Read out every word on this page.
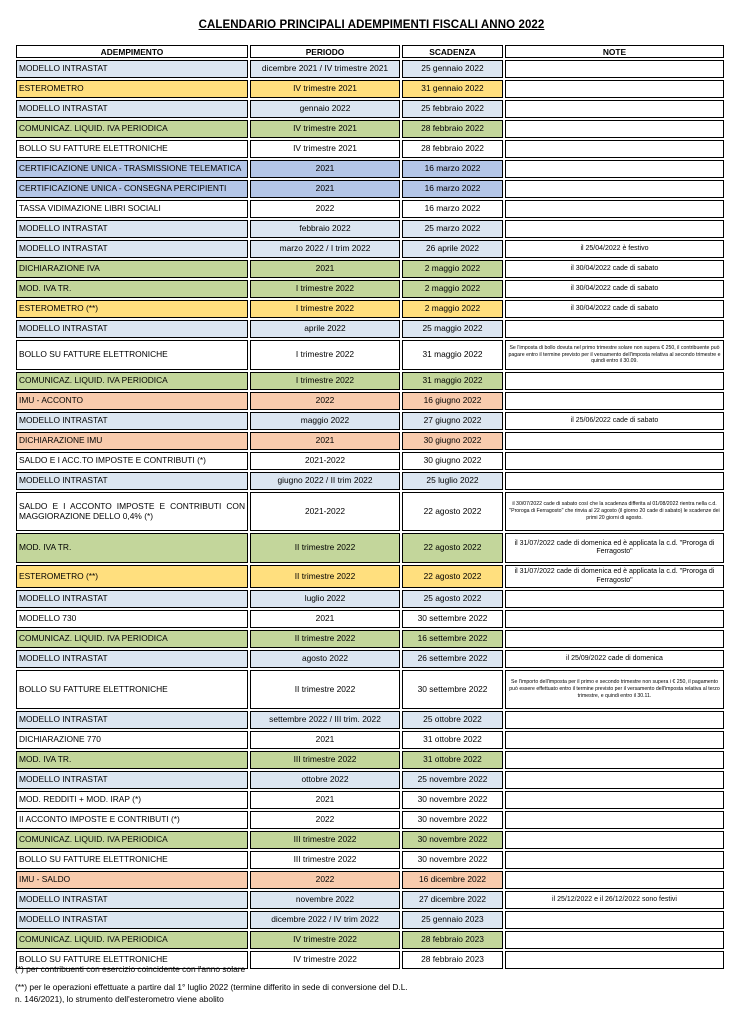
CALENDARIO PRINCIPALI ADEMPIMENTI FISCALI ANNO 2022
ADEMPIMENTO	PERIODO	SCADENZA	NOTE
MODELLO INTRASTAT	dicembre 2021 / IV trimestre 2021	25 gennaio 2022	
ESTEROMETRO	IV trimestre 2021	31 gennaio 2022	
MODELLO INTRASTAT	gennaio 2022	25 febbraio 2022	
COMUNICAZ. LIQUID. IVA PERIODICA	IV trimestre 2021	28 febbraio 2022	
BOLLO SU FATTURE ELETTRONICHE	IV trimestre 2021	28 febbraio 2022	
CERTIFICAZIONE UNICA - TRASMISSIONE TELEMATICA	2021	16 marzo 2022	
CERTIFICAZIONE UNICA - CONSEGNA PERCIPIENTI	2021	16 marzo 2022	
TASSA VIDIMAZIONE LIBRI SOCIALI	2022	16 marzo 2022	
MODELLO INTRASTAT	febbraio 2022	25 marzo 2022	
MODELLO INTRASTAT	marzo 2022 / I trim 2022	26 aprile 2022	il 25/04/2022 è festivo
DICHIARAZIONE IVA	2021	2 maggio 2022	il 30/04/2022 cade di sabato
MOD. IVA TR.	I trimestre 2022	2 maggio 2022	il 30/04/2022 cade di sabato
ESTEROMETRO (**)	I trimestre 2022	2 maggio 2022	il 30/04/2022 cade di sabato
MODELLO INTRASTAT	aprile 2022	25 maggio 2022	
BOLLO SU FATTURE ELETTRONICHE	I trimestre 2022	31 maggio 2022	Se l'imposta di bollo dovuta nel primo trimestre solare non supera € 250, il contribuente può pagare entro il termine previsto per il versamento dell'imposta relativa al secondo trimestre e quindi entro il 30.09.
COMUNICAZ. LIQUID. IVA PERIODICA	I trimestre 2022	31 maggio 2022	
IMU - ACCONTO	2022	16 giugno 2022	
MODELLO INTRASTAT	maggio 2022	27 giugno 2022	il 25/06/2022 cade di sabato
DICHIARAZIONE IMU	2021	30 giugno 2022	
SALDO E I ACC.TO IMPOSTE E CONTRIBUTI (*)	2021-2022	30 giugno 2022	
MODELLO INTRASTAT	giugno 2022 / II trim 2022	25 luglio 2022	
SALDO E I ACCONTO IMPOSTE E CONTRIBUTI CON MAGGIORAZIONE DELLO 0,4% (*)	2021-2022	22 agosto 2022	il 30/07/2022 cade di sabato così che la scadenza differita al 01/08/2022 rientra nella c.d. "Proroga di Ferragosto" che rinvia al 22 agosto (il giorno 20 cade di sabato) le scadenze dei primi 20 giorni di agosto.
MOD. IVA TR.	II trimestre 2022	22 agosto 2022	il 31/07/2022 cade di domenica ed è applicata la c.d. "Proroga di Ferragosto"
ESTEROMETRO (**)	II trimestre 2022	22 agosto 2022	il 31/07/2022 cade di domenica ed è applicata la c.d. "Proroga di Ferragosto"
MODELLO INTRASTAT	luglio 2022	25 agosto 2022	
MODELLO 730	2021	30 settembre 2022	
COMUNICAZ. LIQUID. IVA PERIODICA	II trimestre 2022	16 settembre 2022	
MODELLO INTRASTAT	agosto 2022	26 settembre 2022	il 25/09/2022 cade di domenica
BOLLO SU FATTURE ELETTRONICHE	II trimestre 2022	30 settembre 2022	Se l'importo dell'imposta per il primo e secondo trimestre non supera i € 250, il pagamento può essere effettuato entro il termine previsto per il versamento dell'imposta relativa al terzo trimestre, e quindi entro il 30.11.
MODELLO INTRASTAT	settembre 2022 / III trim. 2022	25 ottobre 2022	
DICHIARAZIONE 770	2021	31 ottobre 2022	
MOD. IVA TR.	III trimestre 2022	31 ottobre 2022	
MODELLO INTRASTAT	ottobre 2022	25 novembre 2022	
MOD. REDDITI + MOD. IRAP (*)	2021	30 novembre 2022	
II ACCONTO IMPOSTE E CONTRIBUTI (*)	2022	30 novembre 2022	
COMUNICAZ. LIQUID. IVA PERIODICA	III trimestre 2022	30 novembre 2022	
BOLLO SU FATTURE ELETTRONICHE	III trimestre 2022	30 novembre 2022	
IMU - SALDO	2022	16 dicembre 2022	
MODELLO INTRASTAT	novembre 2022	27 dicembre 2022	il 25/12/2022 e il 26/12/2022 sono festivi
MODELLO INTRASTAT	dicembre 2022 / IV trim 2022	25 gennaio 2023	
COMUNICAZ. LIQUID. IVA PERIODICA	IV trimestre 2022	28 febbraio 2023	
BOLLO SU FATTURE ELETTRONICHE	IV trimestre 2022	28 febbraio 2023	
(*) per contribuenti con esercizio coincidente con l'anno solare
(**) per le operazioni effettuate a partire dal 1° luglio 2022 (termine differito in sede di conversione del D.L. n. 146/2021), lo strumento dell'esterometro viene abolito
